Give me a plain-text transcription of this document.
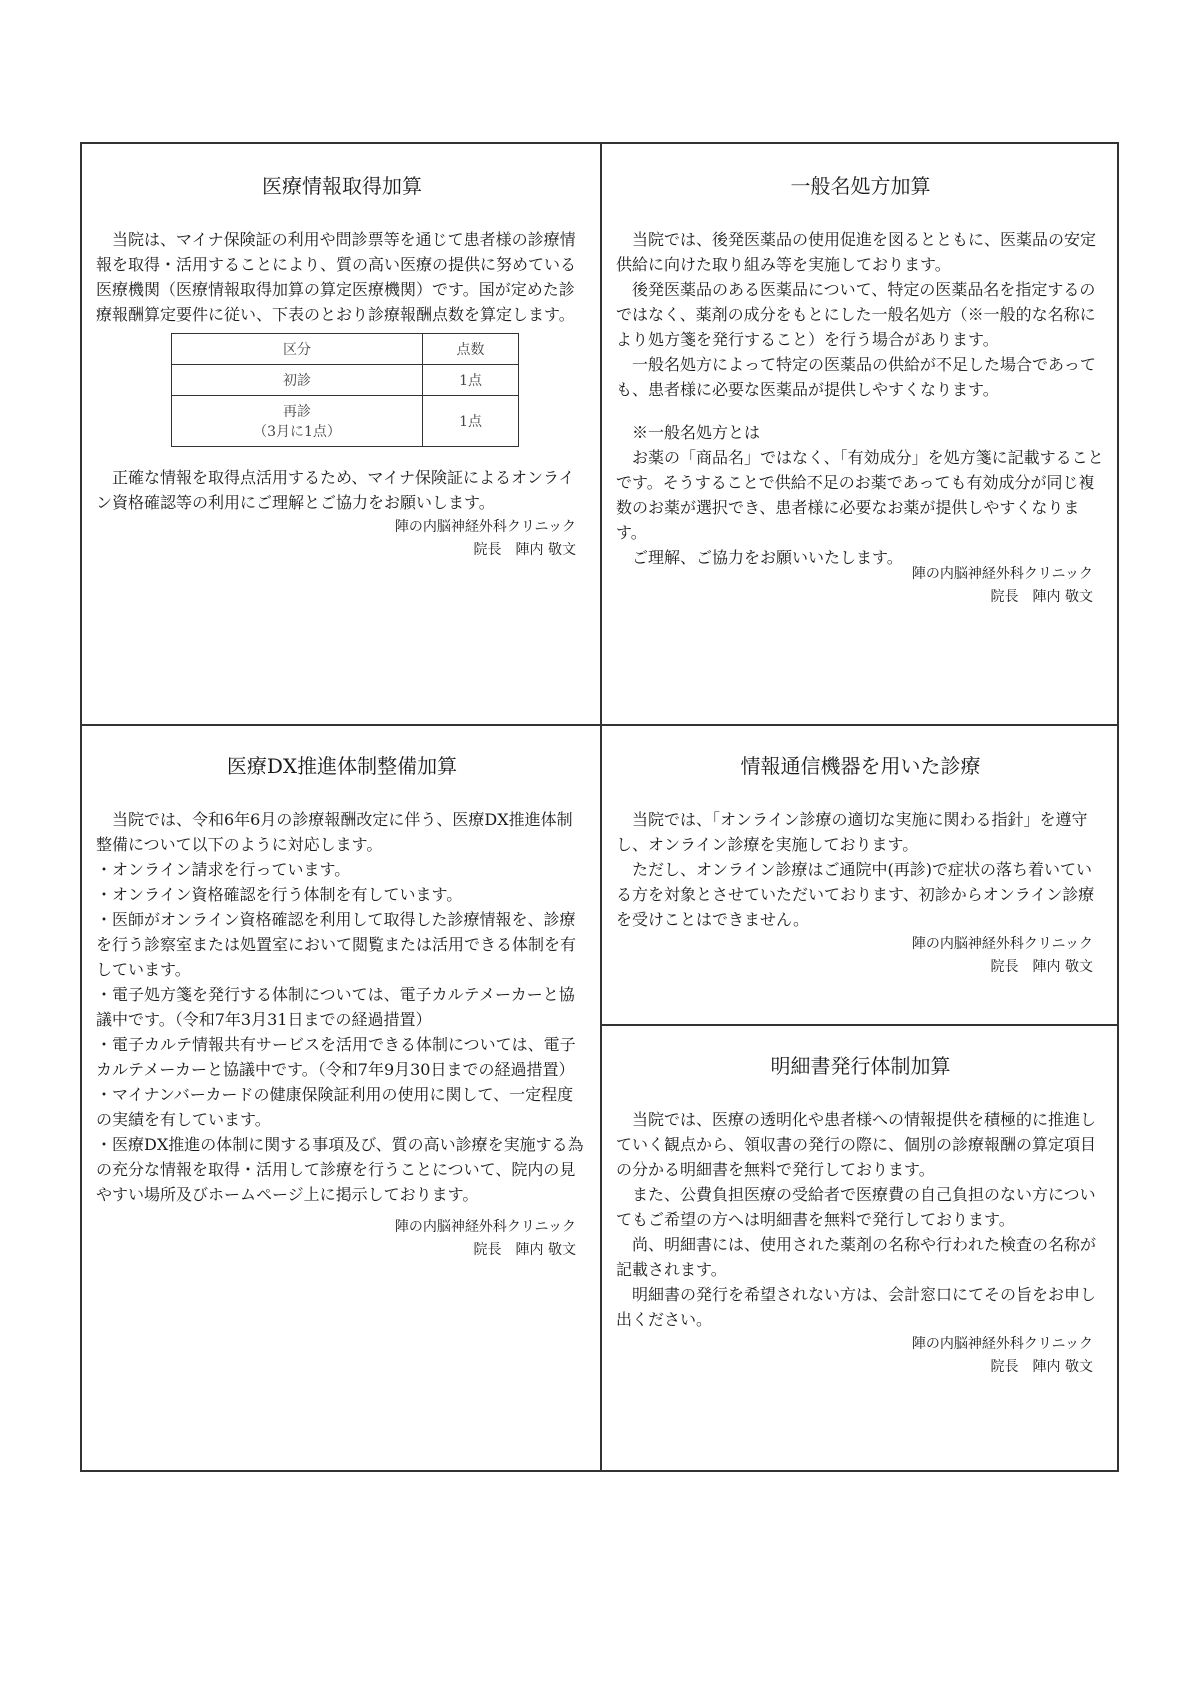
医療情報取得加算

当院は、マイナ保険証の利用や問診票等を通じて患者様の診療情報を取得・活用することにより、質の高い医療の提供に努めている医療機関（医療情報取得加算の算定医療機関）です。国が定めた診療報酬算定要件に従い、下表のとおり診療報酬点数を算定します。

区分	点数
初診	1点

再診
（3月に1点）	1点

正確な情報を取得点活用するため、マイナ保険証によるオンライン資格確認等の利用にご理解とご協力をお願いします。

陣の内脳神経外科クリニック
院長　陣内 敬文
一般名処方加算

当院では、後発医薬品の使用促進を図るとともに、医薬品の安定供給に向けた取り組み等を実施しております。

後発医薬品のある医薬品について、特定の医薬品名を指定するのではなく、薬剤の成分をもとにした一般名処方（※一般的な名称により処方箋を発行すること）を行う場合があります。

一般名処方によって特定の医薬品の供給が不足した場合であっても、患者様に必要な医薬品が提供しやすくなります。

※一般名処方とは

お薬の「商品名」ではなく、「有効成分」を処方箋に記載することです。そうすることで供給不足のお薬であっても有効成分が同じ複数のお薬が選択でき、患者様に必要なお薬が提供しやすくなります。

ご理解、ご協力をお願いいたします。

陣の内脳神経外科クリニック
院長　陣内 敬文
医療DX推進体制整備加算

当院では、令和6年6月の診療報酬改定に伴う、医療DX推進体制整備について以下のように対応します。

・オンライン請求を行っています。

・オンライン資格確認を行う体制を有しています。

・医師がオンライン資格確認を利用して取得した診療情報を、診療を行う診察室または処置室において閲覧または活用できる体制を有しています。

・電子処方箋を発行する体制については、電子カルテメーカーと協議中です。（令和7年3月31日までの経過措置）

・電子カルテ情報共有サービスを活用できる体制については、電子カルテメーカーと協議中です。（令和7年9月30日までの経過措置）

・マイナンバーカードの健康保険証利用の使用に関して、一定程度の実績を有しています。

・医療DX推進の体制に関する事項及び、質の高い診療を実施する為の充分な情報を取得・活用して診療を行うことについて、院内の見やすい場所及びホームページ上に掲示しております。

陣の内脳神経外科クリニック
院長　陣内 敬文
情報通信機器を用いた診療

当院では、「オンライン診療の適切な実施に関わる指針」を遵守し、オンライン診療を実施しております。

ただし、オンライン診療はご通院中(再診)で症状の落ち着いている方を対象とさせていただいております、初診からオンライン診療を受けことはできません。

陣の内脳神経外科クリニック
院長　陣内 敬文
明細書発行体制加算

当院では、医療の透明化や患者様への情報提供を積極的に推進していく観点から、領収書の発行の際に、個別の診療報酬の算定項目の分かる明細書を無料で発行しております。

また、公費負担医療の受給者で医療費の自己負担のない方についてもご希望の方へは明細書を無料で発行しております。

尚、明細書には、使用された薬剤の名称や行われた検査の名称が記載されます。

明細書の発行を希望されない方は、会計窓口にてその旨をお申し出ください。

陣の内脳神経外科クリニック
院長　陣内 敬文
